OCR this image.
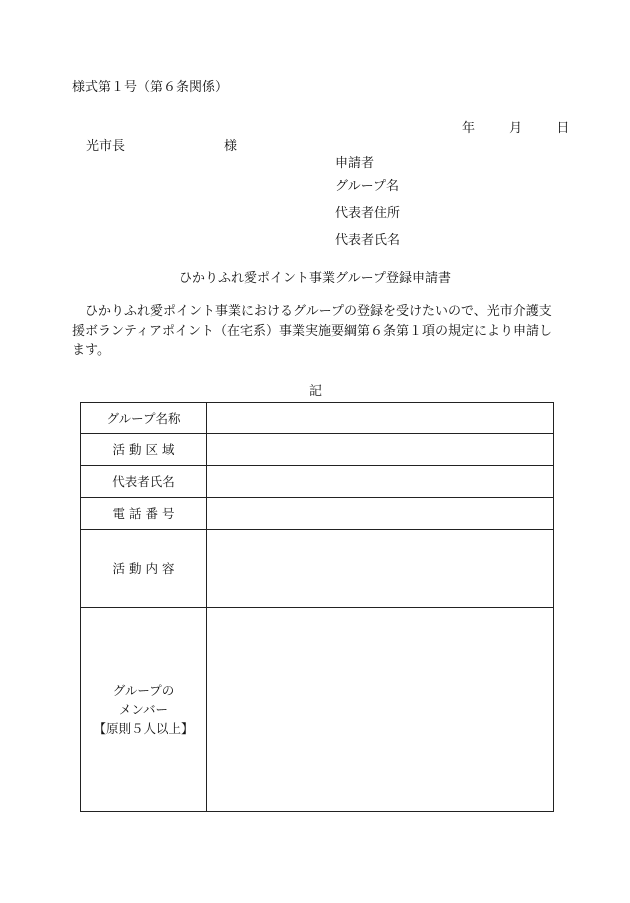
様式第１号（第６条関係）
年	月	日
光市長	様
申請者
グループ名
代表者住所
代表者氏名
ひかりふれ愛ポイント事業グループ登録申請書
ひかりふれ愛ポイント事業におけるグループの登録を受けたいので、光市介護支援ボランティアポイント（在宅系）事業実施要綱第６条第１項の規定により申請します。
記
グループ名称	
活 動 区 域	
代表者氏名	
電 話 番 号	
活 動 内 容	

グループの
メンバー
【原則５人以上】	
